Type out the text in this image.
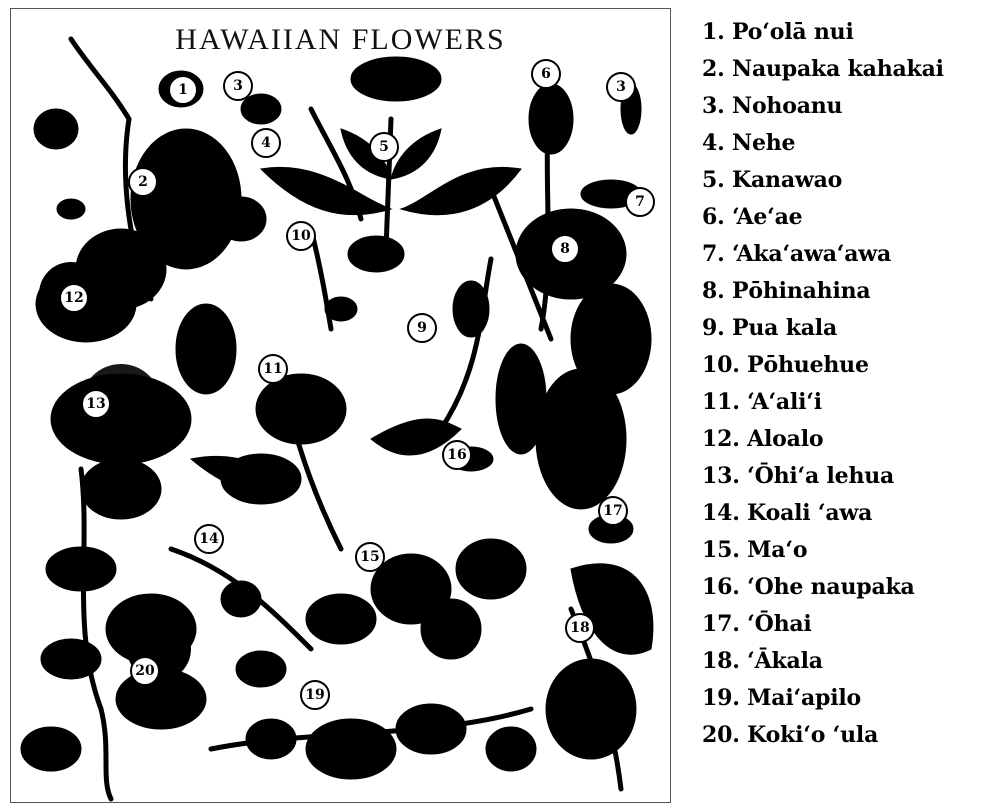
HAWAIIAN FLOWERS
1
2
3	3
4	5
6
7
8
9
10
11
12
13
14
15
16
17
18
19
20
1. Poʻolā nui
2. Naupaka kahakai
3. Nohoanu
4. Nehe
5. Kanawao
6. ʻAeʻae
7. ʻAkaʻawaʻawa
8. Pōhinahina
9. Pua kala
10. Pōhuehue
11. ʻAʻaliʻi
12. Aloalo
13. ʻŌhiʻa lehua
14. Koali ʻawa
15. Maʻo
16. ʻOhe naupaka
17. ʻŌhai
18. ʻĀkala
19. Maiʻapilo
20. Kokiʻo ʻula
